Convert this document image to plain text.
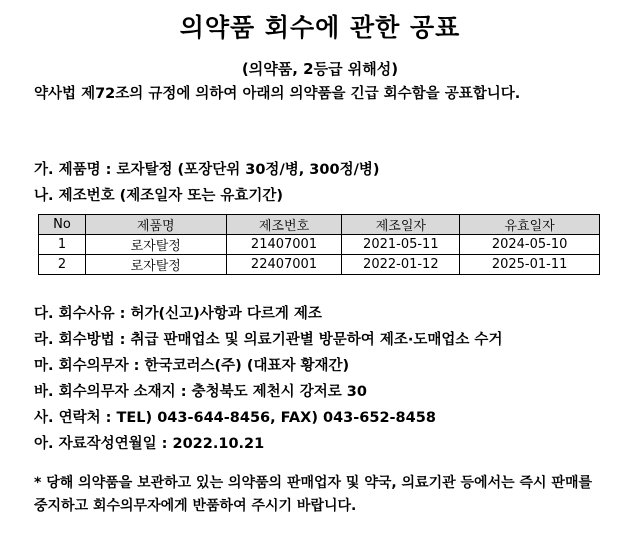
의약품 회수에 관한 공표
(의약품, 2등급 위해성)
약사법 제72조의 규정에 의하여 아래의 의약품을 긴급 회수함을 공표합니다.
가. 제품명 : 로자탈정 (포장단위 30정/병, 300정/병)
나. 제조번호 (제조일자 또는 유효기간)
No	제품명	제조번호	제조일자	유효일자
1	로자탈정	21407001	2021-05-11	2024-05-10
2	로자탈정	22407001	2022-01-12	2025-01-11
다. 회수사유 : 허가(신고)사항과 다르게 제조
라. 회수방법 : 취급 판매업소 및 의료기관별 방문하여 제조·도매업소 수거
마. 회수의무자 : 한국코러스(주) (대표자 황재간)
바. 회수의무자 소재지 : 충청북도 제천시 강저로 30
사. 연락처 : TEL) 043-644-8456, FAX) 043-652-8458
아. 자료작성연월일 : 2022.10.21
* 당해 의약품을 보관하고 있는 의약품의 판매업자 및 약국, 의료기관 등에서는 즉시 판매를 중지하고 회수의무자에게 반품하여 주시기 바랍니다.
